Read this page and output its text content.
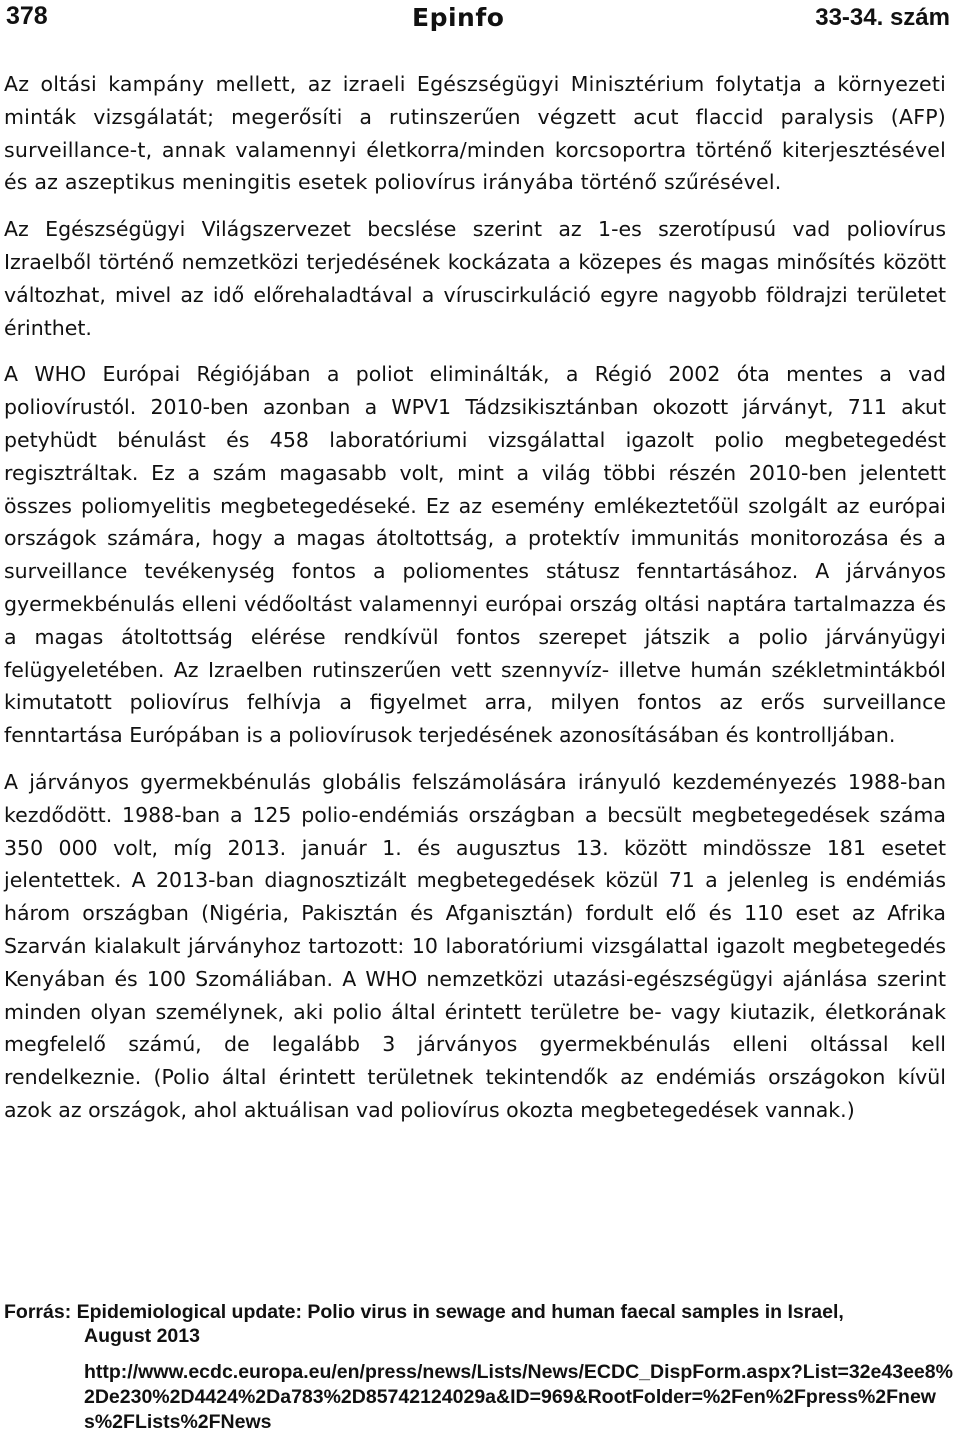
378	Epinfo	33-34. szám

Az oltási kampány mellett, az izraeli Egészségügyi Minisztérium folytatja a környezeti minták vizsgálatát; megerősíti a rutinszerűen végzett acut flaccid paralysis (AFP) surveillance-t, annak valamennyi életkorra/minden korcsoportra történő kiterjesztésével és az aszeptikus meningitis esetek poliovírus irányába történő szűrésével.

Az Egészségügyi Világszervezet becslése szerint az 1-es szerotípusú vad poliovírus Izraelből történő nemzetközi terjedésének kockázata a közepes és magas minősítés között változhat, mivel az idő előrehaladtával a víruscirkuláció egyre nagyobb földrajzi területet érinthet.

A WHO Európai Régiójában a poliot eliminálták, a Régió 2002 óta mentes a vad poliovírustól. 2010-ben azonban a WPV1 Tádzsikisztánban okozott járványt, 711 akut petyhüdt bénulást és 458 laboratóriumi vizsgálattal igazolt polio megbetegedést regisztráltak. Ez a szám magasabb volt, mint a világ többi részén 2010-ben jelentett összes poliomyelitis megbetegedéseké. Ez az esemény emlékeztetőül szolgált az európai országok számára, hogy a magas átoltottság, a protektív immunitás monitorozása és a surveillance tevékenység fontos a poliomentes státusz fenntartásához. A járványos gyermekbénulás elleni védőoltást valamennyi európai ország oltási naptára tartalmazza és a magas átoltottság elérése rendkívül fontos szerepet játszik a polio járványügyi felügyeletében. Az Izraelben rutinszerűen vett szennyvíz- illetve humán székletmintákból kimutatott poliovírus felhívja a figyelmet arra, milyen fontos az erős surveillance fenntartása Európában is a poliovírusok terjedésének azonosításában és kontrolljában.

A járványos gyermekbénulás globális felszámolására irányuló kezdeményezés 1988-ban kezdődött. 1988-ban a 125 polio-endémiás országban a becsült megbetegedések száma 350 000 volt, míg 2013. január 1. és augusztus 13. között mindössze 181 esetet jelentettek. A 2013-ban diagnosztizált megbetegedések közül 71 a jelenleg is endémiás három országban (Nigéria, Pakisztán és Afganisztán) fordult elő és 110 eset az Afrika Szarván kialakult járványhoz tartozott: 10 laboratóriumi vizsgálattal igazolt megbetegedés Kenyában és 100 Szomáliában. A WHO nemzetközi utazási-egészségügyi ajánlása szerint minden olyan személynek, aki polio által érintett területre be- vagy kiutazik, életkorának megfelelő számú, de legalább 3 járványos gyermekbénulás elleni oltással kell rendelkeznie. (Polio által érintett területnek tekintendők az endémiás országokon kívül azok az országok, ahol aktuálisan vad poliovírus okozta megbetegedések vannak.)

Forrás: Epidemiological update: Polio virus in sewage and human faecal samples in Israel,
August 2013
http://www.ecdc.europa.eu/en/press/news/Lists/News/ECDC_DispForm.aspx?List=32e43ee8%2De230%2D4424%2Da783%2D85742124029a&ID=969&RootFolder=%2Fen%2Fpress%2Fnews%2FLists%2FNews
